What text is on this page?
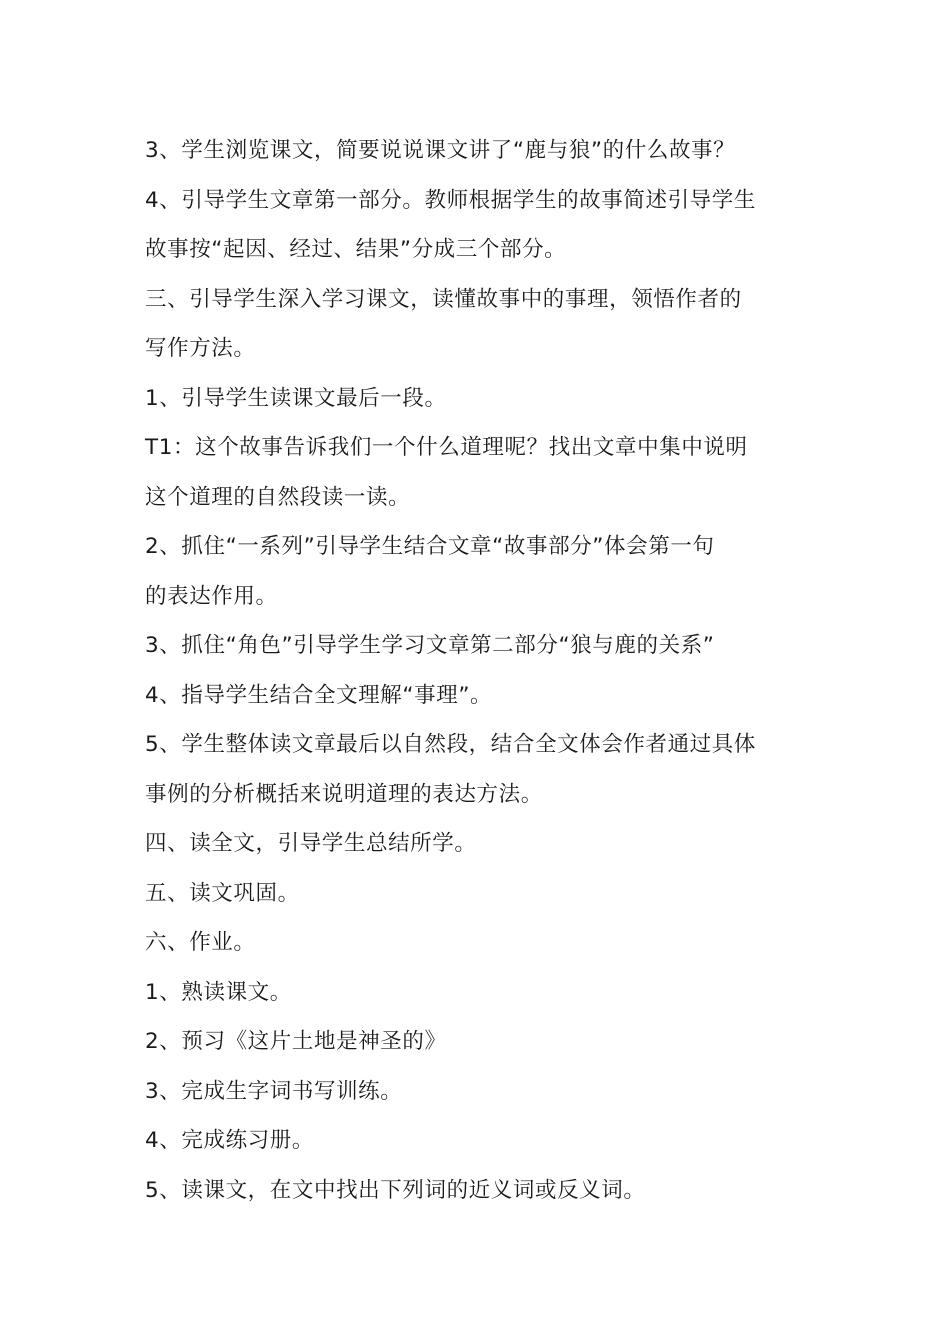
3、学生浏览课文，简要说说课文讲了“鹿与狼”的什么故事？
4、引导学生文章第一部分。教师根据学生的故事简述引导学生
故事按“起因、经过、结果”分成三个部分。
三、引导学生深入学习课文，读懂故事中的事理，领悟作者的
写作方法。
1、引导学生读课文最后一段。
T1：这个故事告诉我们一个什么道理呢？找出文章中集中说明
这个道理的自然段读一读。
2、抓住“一系列”引导学生结合文章“故事部分”体会第一句
的表达作用。
3、抓住“角色”引导学生学习文章第二部分“狼与鹿的关系”
4、指导学生结合全文理解“事理”。
5、学生整体读文章最后以自然段，结合全文体会作者通过具体
事例的分析概括来说明道理的表达方法。
四、读全文，引导学生总结所学。
五、读文巩固。
六、作业。
1、熟读课文。
2、预习《这片土地是神圣的》
3、完成生字词书写训练。
4、完成练习册。
5、读课文，在文中找出下列词的近义词或反义词。
